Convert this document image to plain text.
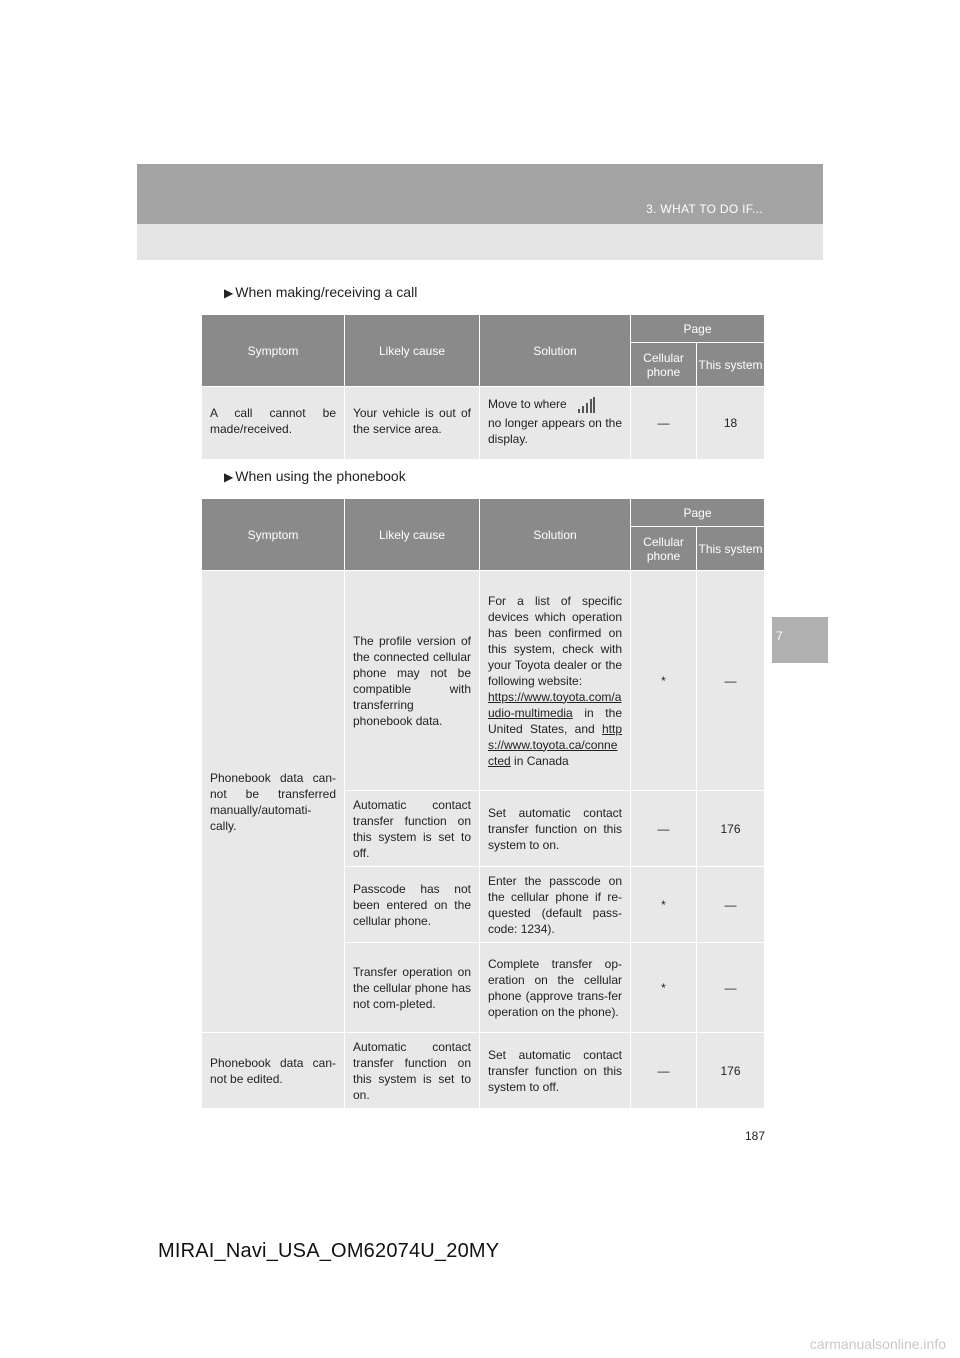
3. WHAT TO DO IF...
7
▶ When making/receiving a call
Symptom	Likely cause	Solution	Page	
			Cellular phone	This system
A call cannot be made/received.	Your vehicle is out of the service area.	Move to where
no longer appears on the display.	—	18
▶ When using the phonebook
Symptom	Likely cause	Solution	Page	
			Cellular phone	This system
Phonebook data can-not be transferred manually/automati-cally.	The profile version of the connected cellular phone may not be compatible with transferring phonebook data.	For a list of specific devices which operation has been confirmed on this system, check with your Toyota dealer or the following website:
https://www.toyota.com/audio-multimedia in the United States, and https://www.toyota.ca/connected in Canada	*	—
	Automatic contact transfer function on this system is set to off.	Set automatic contact transfer function on this system to on.	—	176
	Passcode has not been entered on the cellular phone.	Enter the passcode on the cellular phone if re-quested (default pass-code: 1234).	*	—
	Transfer operation on the cellular phone has not com-pleted.	Complete transfer op-eration on the cellular phone (approve trans-fer operation on the phone).	*	—
Phonebook data can-not be edited.	Automatic contact transfer function on this system is set to on.	Set automatic contact transfer function on this system to off.	—	176
187
MIRAI_Navi_USA_OM62074U_20MY
carmanualsonline.info
